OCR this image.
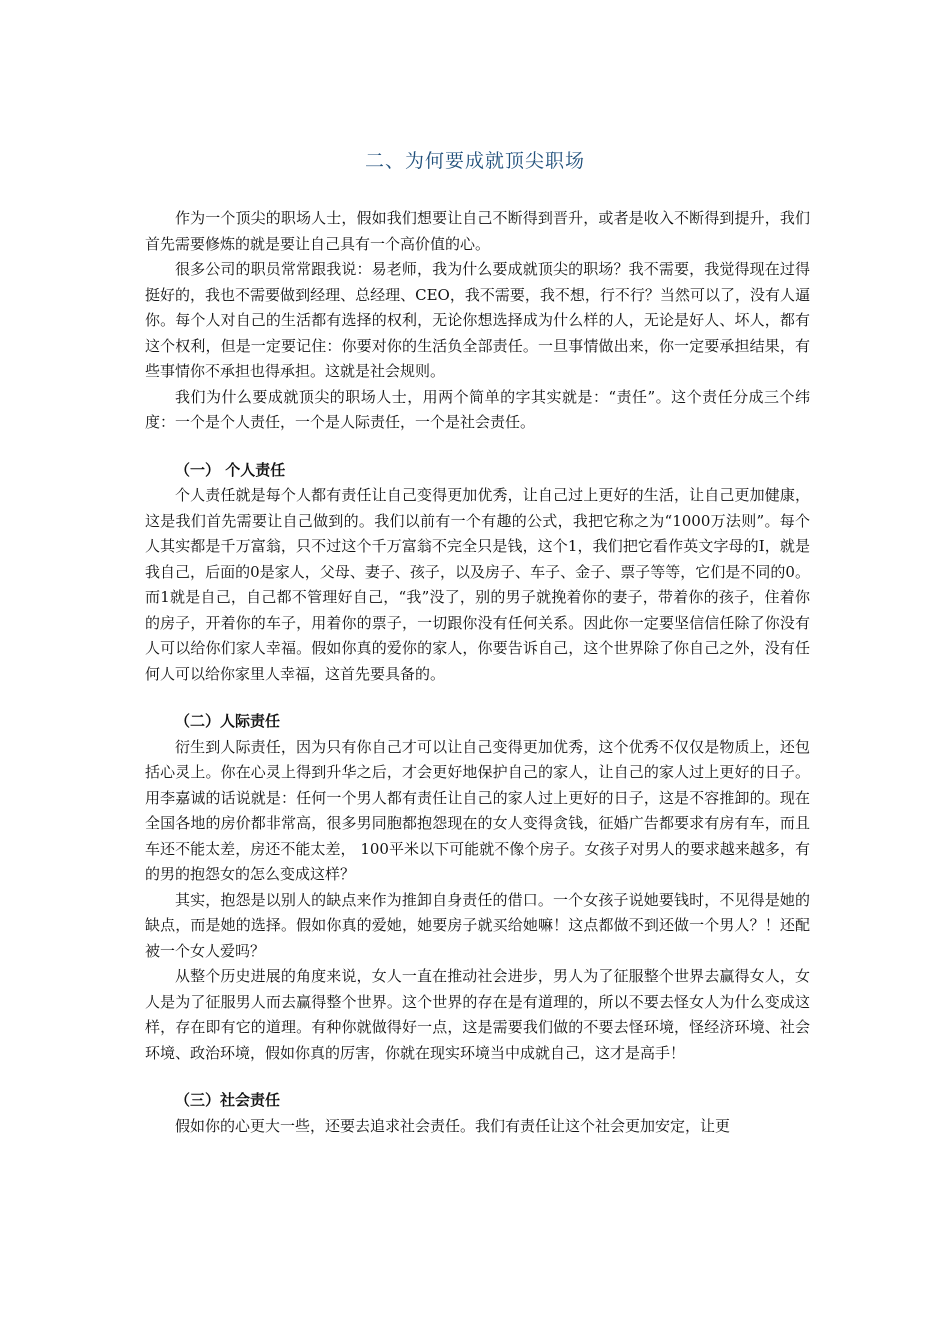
二、为何要成就顶尖职场

作为一个顶尖的职场人士，假如我们想要让自己不断得到晋升，或者是收入不断得到提升，我们首先需要修炼的就是要让自己具有一个高价值的心。

很多公司的职员常常跟我说：易老师，我为什么要成就顶尖的职场？我不需要，我觉得现在过得挺好的，我也不需要做到经理、总经理、CEO，我不需要，我不想，行不行？当然可以了，没有人逼你。每个人对自己的生活都有选择的权利，无论你想选择成为什么样的人，无论是好人、坏人，都有这个权利，但是一定要记住：你要对你的生活负全部责任。一旦事情做出来，你一定要承担结果，有些事情你不承担也得承担。这就是社会规则。

我们为什么要成就顶尖的职场人士，用两个简单的字其实就是：“责任”。这个责任分成三个纬度：一个是个人责任，一个是人际责任，一个是社会责任。

（一） 个人责任

个人责任就是每个人都有责任让自己变得更加优秀，让自己过上更好的生活，让自己更加健康，这是我们首先需要让自己做到的。我们以前有一个有趣的公式，我把它称之为“1000万法则”。每个人其实都是千万富翁，只不过这个千万富翁不完全只是钱，这个1，我们把它看作英文字母的I，就是我自己，后面的0是家人，父母、妻子、孩子，以及房子、车子、金子、票子等等，它们是不同的0。而1就是自己，自己都不管理好自己，“我”没了，别的男子就挽着你的妻子，带着你的孩子，住着你的房子，开着你的车子，用着你的票子，一切跟你没有任何关系。因此你一定要坚信信任除了你没有人可以给你们家人幸福。假如你真的爱你的家人，你要告诉自己，这个世界除了你自己之外，没有任何人可以给你家里人幸福，这首先要具备的。

（二）人际责任

衍生到人际责任，因为只有你自己才可以让自己变得更加优秀，这个优秀不仅仅是物质上，还包括心灵上。你在心灵上得到升华之后，才会更好地保护自己的家人，让自己的家人过上更好的日子。用李嘉诚的话说就是：任何一个男人都有责任让自己的家人过上更好的日子，这是不容推卸的。现在全国各地的房价都非常高，很多男同胞都抱怨现在的女人变得贪钱，征婚广告都要求有房有车，而且车还不能太差，房还不能太差， 100平米以下可能就不像个房子。女孩子对男人的要求越来越多，有的男的抱怨女的怎么变成这样？

其实，抱怨是以别人的缺点来作为推卸自身责任的借口。一个女孩子说她要钱时，不见得是她的缺点，而是她的选择。假如你真的爱她，她要房子就买给她嘛！这点都做不到还做一个男人？！还配被一个女人爱吗？

从整个历史进展的角度来说，女人一直在推动社会进步，男人为了征服整个世界去赢得女人，女人是为了征服男人而去赢得整个世界。这个世界的存在是有道理的，所以不要去怪女人为什么变成这样，存在即有它的道理。有种你就做得好一点，这是需要我们做的不要去怪环境，怪经济环境、社会环境、政治环境，假如你真的厉害，你就在现实环境当中成就自己，这才是高手！

（三）社会责任

假如你的心更大一些，还要去追求社会责任。我们有责任让这个社会更加安定，让更
